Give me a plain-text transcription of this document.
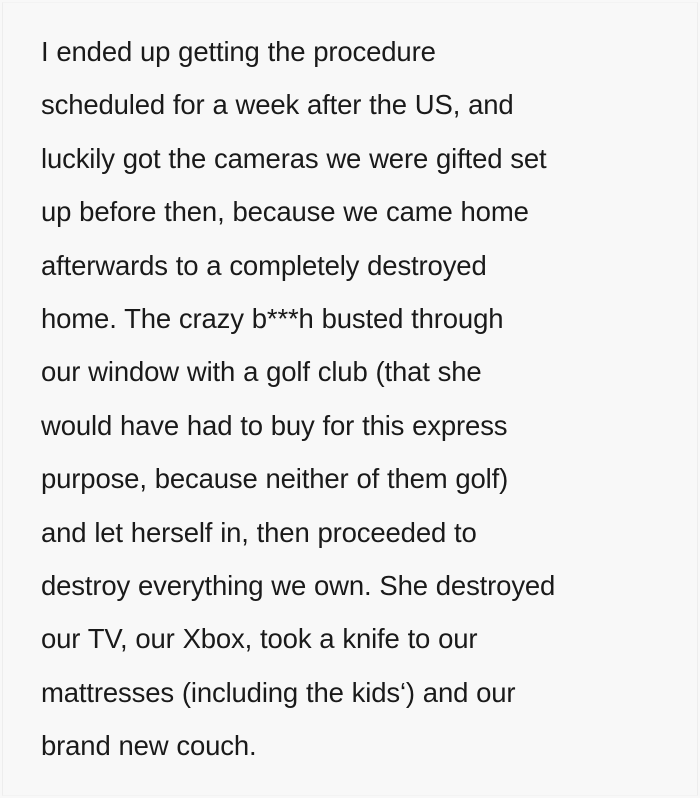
I ended up getting the procedure
scheduled for a week after the US, and
luckily got the cameras we were gifted set
up before then, because we came home
afterwards to a completely destroyed
home. The crazy b***h busted through
our window with a golf club (that she
would have had to buy for this express
purpose, because neither of them golf)
and let herself in, then proceeded to
destroy everything we own. She destroyed
our TV, our Xbox, took a knife to our
mattresses (including the kids‘) and our
brand new couch.
